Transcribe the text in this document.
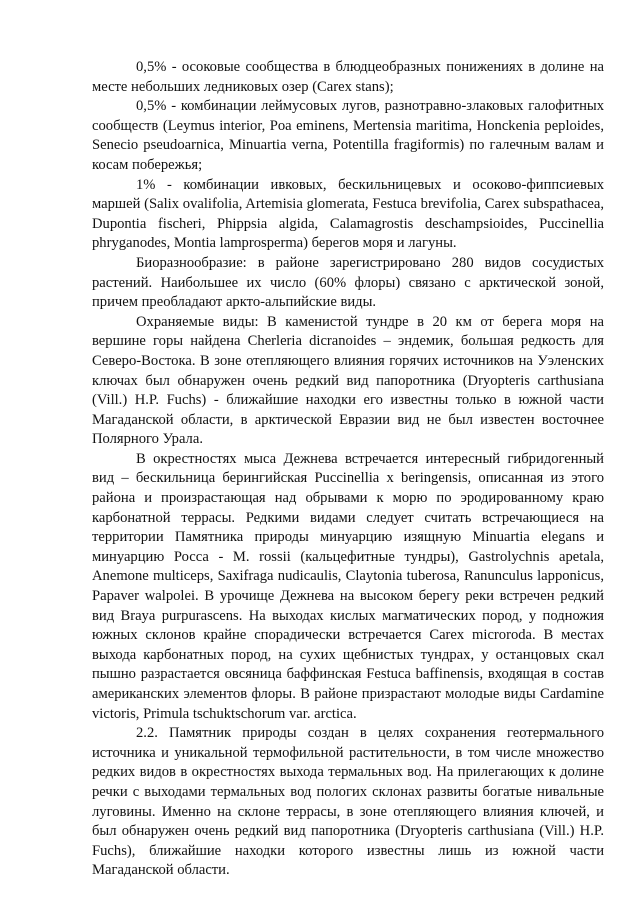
0,5% - осоковые сообщества в блюдцеобразных понижениях в долине на месте небольших ледниковых озер (Carex stans);

0,5% - комбинации леймусовых лугов, разнотравно-злаковых галофитных сообществ (Leymus interior, Poa eminens, Mertensia maritima, Honckenia peploides, Senecio pseudoarnica, Minuartia verna, Potentilla fragiformis) по галечным валам и косам побережья;

1% - комбинации ивковых, бескильницевых и осоково-фиппсиевых маршей (Salix ovalifolia, Artemisia glomerata, Festuca brevifolia, Carex subspathacea, Dupontia fischeri, Phippsia algida, Calamagrostis deschampsioides, Puccinellia phryganodes, Montia lamprosperma) берегов моря и лагуны.

Биоразнообразие: в районе зарегистрировано 280 видов сосудистых растений. Наибольшее их число (60% флоры) связано с арктической зоной, причем преобладают аркто-альпийские виды.

Охраняемые виды: В каменистой тундре в 20 км от берега моря на вершине горы найдена Cherleria dicranoides – эндемик, большая редкость для Северо-Востока. В зоне отепляющего влияния горячих источников на Уэленских ключах был обнаружен очень редкий вид папоротника (Dryopteris carthusiana (Vill.) H.P. Fuchs) - ближайшие находки его известны только в южной части Магаданской области, в арктической Евразии вид не был известен восточнее Полярного Урала.

В окрестностях мыса Дежнева встречается интересный гибридогенный вид – бескильница берингийская Puccinellia x beringensis, описанная из этого района и произрастающая над обрывами к морю по эродированному краю карбонатной террасы. Редкими видами следует считать встречающиеся на территории Памятника природы минуарцию изящную Minuartia elegans и минуарцию Росса - M. rossii (кальцефитные тундры), Gastrolychnis apetala, Anemone multiceps, Saxifraga nudicaulis, Claytonia tuberosa, Ranunculus lapponicus, Papaver walpolei. В урочище Дежнева на высоком берегу реки встречен редкий вид Braya purpurascens. На выходах кислых магматических пород, у подножия южных склонов крайне спорадически встречается Carex microroda. В местах выхода карбонатных пород, на сухих щебнистых тундрах, у останцовых скал пышно разрастается овсяница баффинская Festuca baffinensis, входящая в состав американских элементов флоры. В районе призрастают молодые виды Cardamine victoris, Primula tschuktschorum var. arctica.

2.2. Памятник природы создан в целях сохранения геотермального источника и уникальной термофильной растительности, в том числе множество редких видов в окрестностях выхода термальных вод. На прилегающих к долине речки с выходами термальных вод пологих склонах развиты богатые нивальные луговины. Именно на склоне террасы, в зоне отепляющего влияния ключей, и был обнаружен очень редкий вид папоротника (Dryopteris carthusiana (Vill.) H.P. Fuchs), ближайшие находки которого известны лишь из южной части Магаданской области.
